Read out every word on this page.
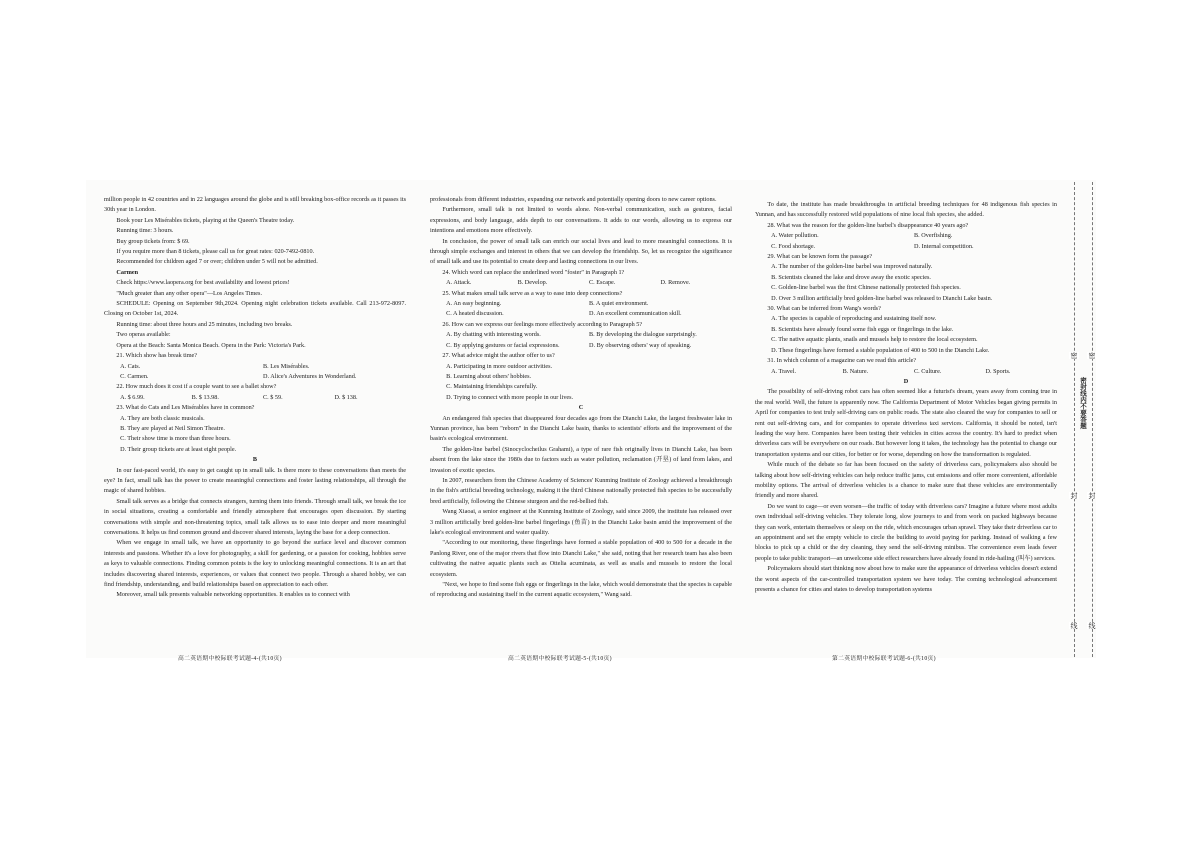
million people in 42 countries and in 22 languages around the globe and is still breaking box-office records as it passes its 30th year in London.

Book your Les Misérables tickets, playing at the Queen's Theatre today.

Running time: 3 hours.

Buy group tickets from: $ 69.

If you require more than 8 tickets, please call us for great rates: 020-7492-0810.

Recommended for children aged 7 or over; children under 5 will not be admitted.

Carmen

Check https://www.laopera.org for best availability and lowest prices!

"Much greater than any other opera"—Los Angeles Times.

SCHEDULE: Opening on September 9th,2024. Opening night celebration tickets available. Call 213-972-8097. Closing on October 1st, 2024.

Running time: about three hours and 25 minutes, including two breaks.

Two operas available:

Opera at the Beach: Santa Monica Beach. Opera in the Park: Victoria's Park.

21. Which show has break time?

A. Cats.	B. Les Misérables.
C. Carmen.	D. Alice's Adventures in Wonderland.

22. How much does it cost if a couple want to see a ballet show?

A. $ 6.99.	B. $ 13.98.	C. $ 59.	D. $ 138.

23. What do Cats and Les Misérables have in common?

A. They are both classic musicals.

B. They are played at Neil Simon Theatre.

C. Their show time is more than three hours.

D. Their group tickets are at least eight people.

B

In our fast-paced world, it's easy to get caught up in small talk. Is there more to these conversations than meets the eye? In fact, small talk has the power to create meaningful connections and foster lasting relationships, all through the magic of shared hobbies.

Small talk serves as a bridge that connects strangers, turning them into friends. Through small talk, we break the ice in social situations, creating a comfortable and friendly atmosphere that encourages open discussion. By starting conversations with simple and non-threatening topics, small talk allows us to ease into deeper and more meaningful conversations. It helps us find common ground and discover shared interests, laying the base for a deep connection.

When we engage in small talk, we have an opportunity to go beyond the surface level and discover common interests and passions. Whether it's a love for photography, a skill for gardening, or a passion for cooking, hobbies serve as keys to valuable connections. Finding common points is the key to unlocking meaningful connections. It is an art that includes discovering shared interests, experiences, or values that connect two people. Through a shared hobby, we can find friendship, understanding, and build relationships based on appreciation to each other.

Moreover, small talk presents valuable networking opportunities. It enables us to connect with

professionals from different industries, expanding our network and potentially opening doors to new career options.

Furthermore, small talk is not limited to words alone. Non-verbal communication, such as gestures, facial expressions, and body language, adds depth to our conversations. It adds to our words, allowing us to express our intentions and emotions more effectively.

In conclusion, the power of small talk can enrich our social lives and lead to more meaningful connections. It is through simple exchanges and interest in others that we can develop the friendship. So, let us recognize the significance of small talk and use its potential to create deep and lasting connections in our lives.

24. Which word can replace the underlined word "foster" in Paragraph 1?

A. Attack.	B. Develop.	C. Escape.	D. Remove.

25. What makes small talk serve as a way to ease into deep connections?

A. An easy beginning.	B. A quiet environment.
C. A heated discussion.	D. An excellent communication skill.

26. How can we express our feelings more effectively according to Paragraph 5?

A. By chatting with interesting words.	B. By developing the dialogue surprisingly.
C. By applying gestures or facial expressions.	D. By observing others' way of speaking.

27. What advice might the author offer to us?

A. Participating in more outdoor activities.

B. Learning about others' hobbies.

C. Maintaining friendships carefully.

D. Trying to connect with more people in our lives.

C

An endangered fish species that disappeared four decades ago from the Dianchi Lake, the largest freshwater lake in Yunnan province, has been "reborn" in the Dianchi Lake basin, thanks to scientists' efforts and the improvement of the basin's ecological environment.

The golden-line barbel (Sinocyclocheilus Grahami), a type of rare fish originally lives in Dianchi Lake, has been absent from the lake since the 1980s due to factors such as water pollution, reclamation (开垦) of land from lakes, and invasion of exotic species.

In 2007, researchers from the Chinese Academy of Sciences' Kunming Institute of Zoology achieved a breakthrough in the fish's artificial breeding technology, making it the third Chinese nationally protected fish species to be successfully bred artificially, following the Chinese sturgeon and the red-bellied fish.

Wang Xiaoai, a senior engineer at the Kunming Institute of Zoology, said since 2009, the institute has released over 3 million artificially bred golden-line barbel fingerlings (鱼苗) in the Dianchi Lake basin amid the improvement of the lake's ecological environment and water quality.

"According to our monitoring, these fingerlings have formed a stable population of 400 to 500 for a decade in the Panlong River, one of the major rivers that flow into Dianchi Lake," she said, noting that her research team has also been cultivating the native aquatic plants such as Ottelia acuminata, as well as snails and mussels to restore the local ecosystem.

"Next, we hope to find some fish eggs or fingerlings in the lake, which would demonstrate that the species is capable of reproducing and sustaining itself in the current aquatic ecosystem," Wang said.

To date, the institute has made breakthroughs in artificial breeding techniques for 48 indigenous fish species in Yunnan, and has successfully restored wild populations of nine local fish species, she added.

28. What was the reason for the golden-line barbel's disappearance 40 years ago?

A. Water pollution.	B. Overfishing.
C. Food shortage.	D. Internal competition.

29. What can be known form the passage?

A. The number of the golden-line barbel was improved naturally.

B. Scientists cleaned the lake and drove away the exotic species.

C. Golden-line barbel was the first Chinese nationally protected fish species.

D. Over 3 million artificially bred golden-line barbel was released to Dianchi Lake basin.

30. What can be inferred from Wang's words?

A. The species is capable of reproducing and sustaining itself now.

B. Scientists have already found some fish eggs or fingerlings in the lake.

C. The native aquatic plants, snails and mussels help to restore the local ecosystem.

D. These fingerlings have formed a stable population of 400 to 500 in the Dianchi Lake.

31. In which column of a magazine can we read this article?

A. Travel.	B. Nature.	C. Culture.	D. Sports.

D

The possibility of self-driving robot cars has often seemed like a futurist's dream, years away from coming true in the real world. Well, the future is apparently now. The California Department of Motor Vehicles began giving permits in April for companies to test truly self-driving cars on public roads. The state also cleared the way for companies to sell or rent out self-driving cars, and for companies to operate driverless taxi services. California, it should be noted, isn't leading the way here. Companies have been testing their vehicles in cities across the country. It's hard to predict when driverless cars will be everywhere on our roads. But however long it takes, the technology has the potential to change our transportation systems and our cities, for better or for worse, depending on how the transformation is regulated.

While much of the debate so far has been focused on the safety of driverless cars, policymakers also should be talking about how self-driving vehicles can help reduce traffic jams, cut emissions and offer more convenient, affordable mobility options. The arrival of driverless vehicles is a chance to make sure that these vehicles are environmentally friendly and more shared.

Do we want to cage—or even worsen—the traffic of today with driverless cars? Imagine a future where most adults own individual self-driving vehicles. They tolerate long, slow journeys to and from work on packed highways because they can work, entertain themselves or sleep on the ride, which encourages urban sprawl. They take their driverless car to an appointment and set the empty vehicle to circle the building to avoid paying for parking. Instead of walking a few blocks to pick up a child or the dry cleaning, they send the self-driving minibus. The convenience even leads fewer people to take public transport—an unwelcome side effect researchers have already found in ride-hailing (叫车) services.

Policymakers should start thinking now about how to make sure the appearance of driverless vehicles doesn't extend the worst aspects of the car-controlled transportation system we have today. The coming technological advancement presents a chance for cities and states to develop transportation systems

高二英语期中校际联考试题-4-(共10页)	高二英语期中校际联考试题-5-(共10页)	第二英语期中校际联考试题-6-(共10页)
密
封
线
密
封
线
密封线内不要答题
